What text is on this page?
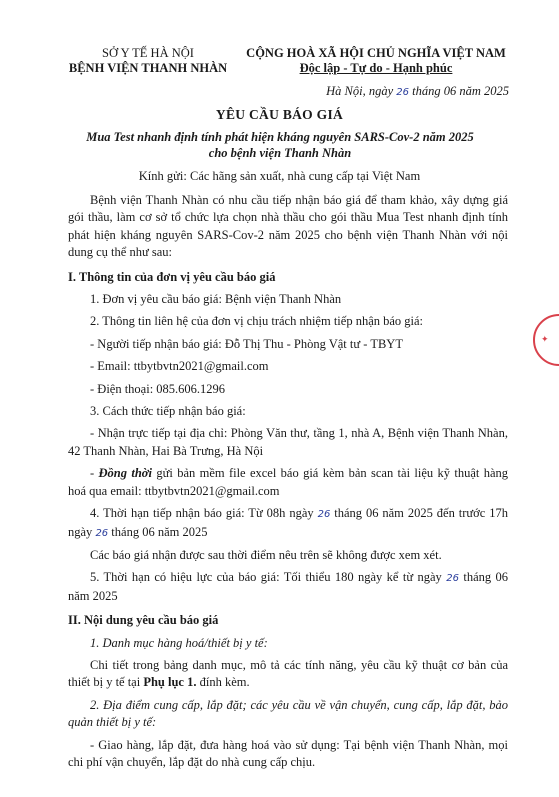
SỞ Y TẾ HÀ NỘI
BỆNH VIỆN THANH NHÀN
CỘNG HOÀ XÃ HỘI CHỦ NGHĨA VIỆT NAM
Độc lập - Tự do - Hạnh phúc
Hà Nội, ngày 26 tháng 06 năm 2025
YÊU CẦU BÁO GIÁ
Mua Test nhanh định tính phát hiện kháng nguyên SARS-Cov-2 năm 2025
cho bệnh viện Thanh Nhàn
Kính gửi: Các hãng sản xuất, nhà cung cấp tại Việt Nam

Bệnh viện Thanh Nhàn có nhu cầu tiếp nhận báo giá để tham khảo, xây dựng giá gói thầu, làm cơ sở tổ chức lựa chọn nhà thầu cho gói thầu Mua Test nhanh định tính phát hiện kháng nguyên SARS-Cov-2 năm 2025 cho bệnh viện Thanh Nhàn với nội dung cụ thể như sau:

I. Thông tin của đơn vị yêu cầu báo giá

1. Đơn vị yêu cầu báo giá: Bệnh viện Thanh Nhàn

2. Thông tin liên hệ của đơn vị chịu trách nhiệm tiếp nhận báo giá:

- Người tiếp nhận báo giá: Đỗ Thị Thu - Phòng Vật tư - TBYT

- Email: ttbytbvtn2021@gmail.com

- Điện thoại: 085.606.1296

3. Cách thức tiếp nhận báo giá:

- Nhận trực tiếp tại địa chỉ: Phòng Văn thư, tầng 1, nhà A, Bệnh viện Thanh Nhàn, 42 Thanh Nhàn, Hai Bà Trưng, Hà Nội

- Đồng thời gửi bản mềm file excel báo giá kèm bản scan tài liệu kỹ thuật hàng hoá qua email: ttbytbvtn2021@gmail.com

4. Thời hạn tiếp nhận báo giá: Từ 08h ngày 26 tháng 06 năm 2025 đến trước 17h ngày 26 tháng 06 năm 2025

Các báo giá nhận được sau thời điểm nêu trên sẽ không được xem xét.

5. Thời hạn có hiệu lực của báo giá: Tối thiểu 180 ngày kể từ ngày 26 tháng 06 năm 2025

II. Nội dung yêu cầu báo giá

1. Danh mục hàng hoá/thiết bị y tế:

Chi tiết trong bảng danh mục, mô tả các tính năng, yêu cầu kỹ thuật cơ bản của thiết bị y tế tại Phụ lục 1. đính kèm.

2. Địa điểm cung cấp, lắp đặt; các yêu cầu về vận chuyển, cung cấp, lắp đặt, bảo quản thiết bị y tế:

- Giao hàng, lắp đặt, đưa hàng hoá vào sử dụng: Tại bệnh viện Thanh Nhàn, mọi chi phí vận chuyển, lắp đặt do nhà cung cấp chịu.

✦
